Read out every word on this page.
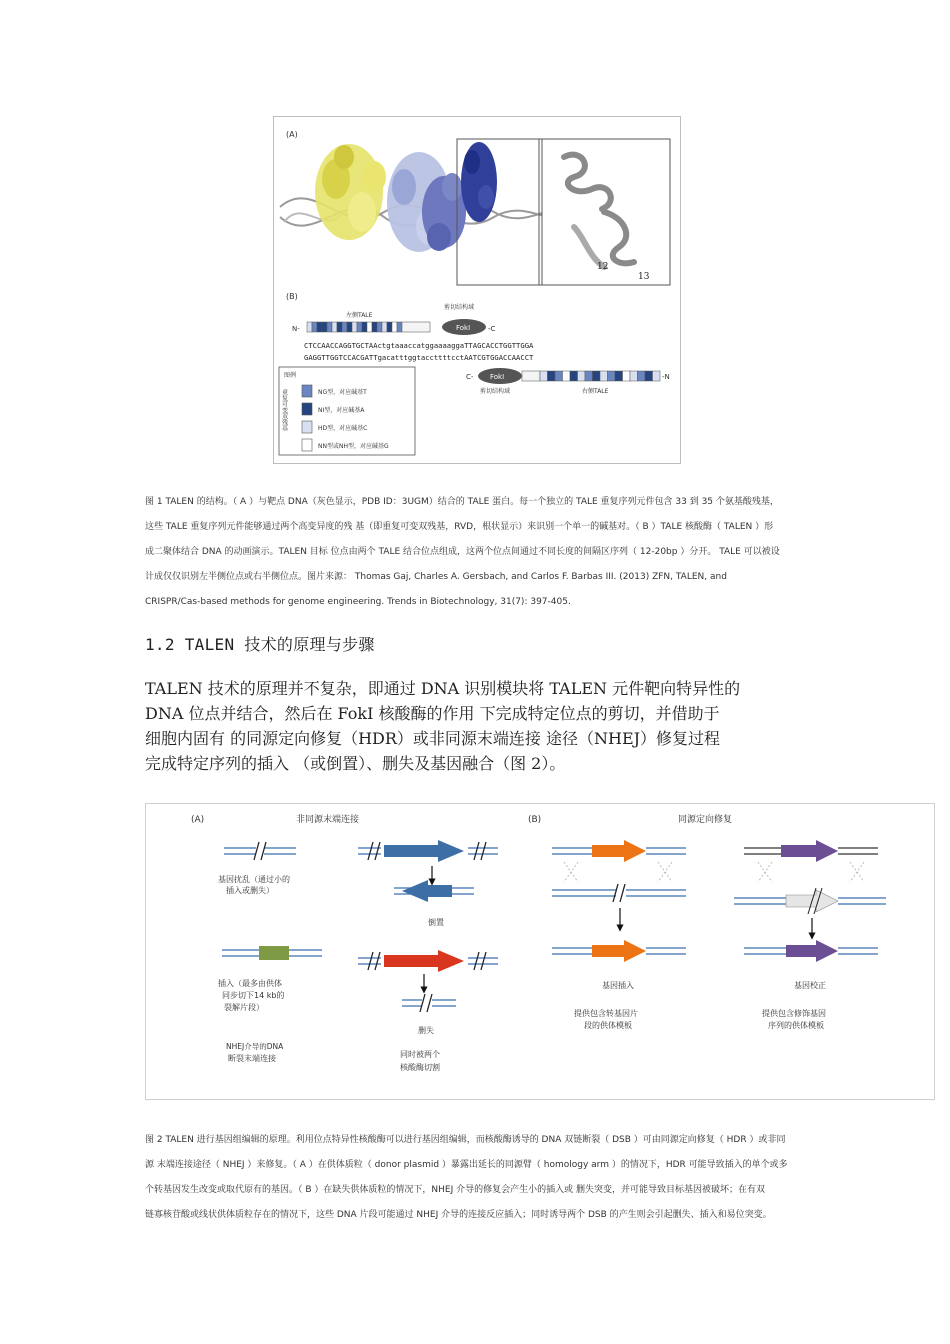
(A)
12
13
(B)
左侧TALE
剪切结构域
N-	FokI	-C
CTCCAACCAGGTGCTAActgtaaaccatggaaaaggaTTAGCACCTGGTTGGA
GAGGTTGGTCCACGATTgacatttggtaccttttcctAATCGTGGACCAACCT
C- FokI	-N
剪切结构域	右侧TALE
图例
重复可变双残基	NG型，对应碱基T
NI型，对应碱基A
HD型，对应碱基C
NN型或NH型，对应碱基G
图 1 TALEN 的结构。（ A ）与靶点 DNA（灰色显示，PDB ID：3UGM）结合的 TALE 蛋白。每一个独立的 TALE 重复序列元件包含 33 到 35 个氨基酸残基，
这些 TALE 重复序列元件能够通过两个高变异度的残 基（即重复可变双残基，RVD，根状显示）来识别一个单一的碱基对。（ B ）TALE 核酸酶（ TALEN ）形
成二聚体结合 DNA 的动画演示。TALEN 目标 位点由两个 TALE 结合位点组成，这两个位点间通过不同长度的间隔区序列（ 12-20bp ）分开。 TALE 可以被设
计成仅仅识别左半侧位点或右半侧位点。图片来源： Thomas Gaj, Charles A. Gersbach, and Carlos F. Barbas III. (2013) ZFN, TALEN, and
CRISPR/Cas-based methods for genome engineering. Trends in Biotechnology, 31(7): 397-405.
1.2 TALEN 技术的原理与步骤
TALEN 技术的原理并不复杂，即通过 DNA 识别模块将 TALEN 元件靶向特异性的
DNA 位点并结合，然后在 FokI 核酸酶的作用 下完成特定位点的剪切，并借助于
细胞内固有 的同源定向修复（HDR）或非同源末端连接 途径（NHEJ）修复过程
完成特定序列的插入 （或倒置）、删失及基因融合（图 2）。
(A)	非同源末端连接	(B)	同源定向修复
基因扰乱（通过小的
插入或删失）
倒置
插入（最多由供体
同步切下14 kb的
裂解片段）
删失
NHEJ介导的DNA
断裂末端连接	同时被两个
核酸酶切割
基因插入
提供包含转基因片
段的供体模板
基因校正
提供包含修饰基因
序列的供体模板
图 2 TALEN 进行基因组编辑的原理。利用位点特异性核酸酶可以进行基因组编辑，而核酸酶诱导的 DNA 双链断裂（ DSB ）可由同源定向修复（ HDR ）或非同
源 末端连接途径（ NHEJ ）来修复。（ A ）在供体质粒（ donor plasmid ）暴露出延长的同源臂（ homology arm ）的情况下，HDR 可能导致插入的单个或多
个转基因发生改变或取代原有的基因。（ B ）在缺失供体质粒的情况下，NHEJ 介导的修复会产生小的插入或 删失突变，并可能导致目标基因被破坏；在有双
链寡核苷酸或线状供体质粒存在的情况下，这些 DNA 片段可能通过 NHEJ 介导的连接反应插入；同时诱导两个 DSB 的产生则会引起删失、插入和易位突变。
